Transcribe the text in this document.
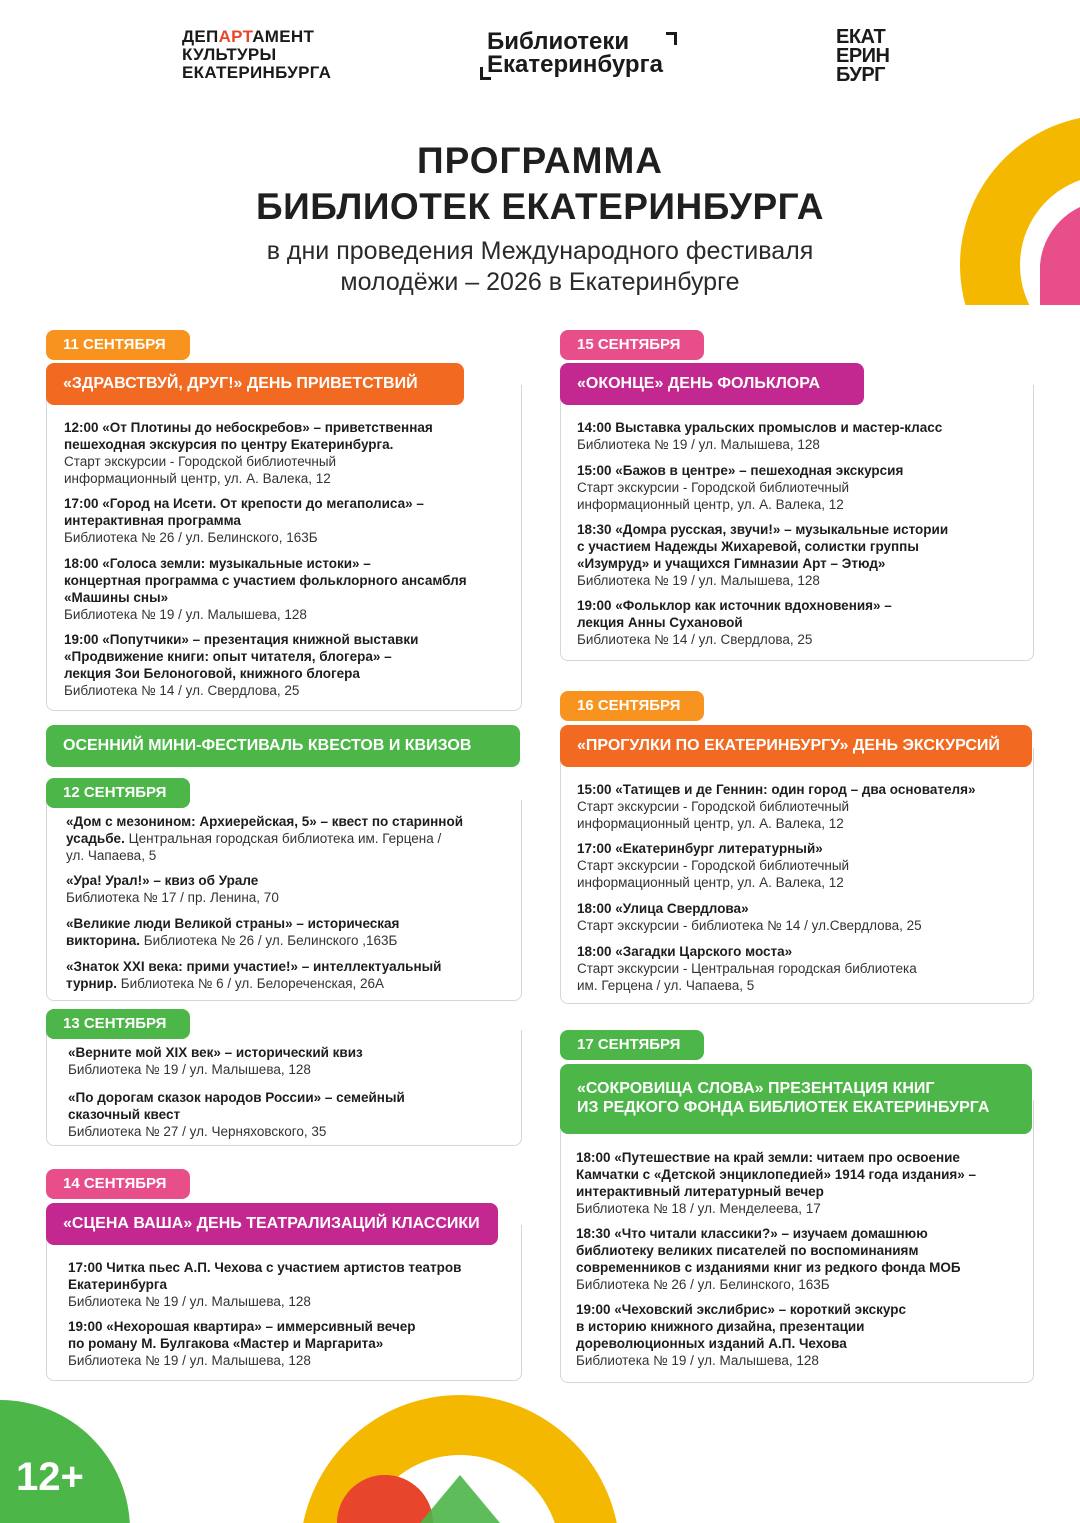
12+
ДЕПАРТАМЕНТ
КУЛЬТУРЫ
ЕКАТЕРИНБУРГА
Библиотеки
Екатеринбурга
ЕКАТ
ЕРИН
БУРГ
ПРОГРАММА
БИБЛИОТЕК ЕКАТЕРИНБУРГА
в дни проведения Международного фестиваля
молодёжи – 2026 в Екатеринбурге
11 СЕНТЯБРЯ
«ЗДРАВСТВУЙ, ДРУГ!» ДЕНЬ ПРИВЕТСТВИЙ
12:00 «От Плотины до небоскребов» – приветственная
пешеходная экскурсия по центру Екатеринбурга.
Старт экскурсии - Городской библиотечный
информационный центр, ул. А. Валека, 12
17:00 «Город на Исети. От крепости до мегаполиса» –
интерактивная программа
Библиотека № 26 / ул. Белинского, 163Б
18:00 «Голоса земли: музыкальные истоки» –
концертная программа с участием фольклорного ансамбля
«Машины сны»
Библиотека № 19 / ул. Малышева, 128
19:00 «Попутчики» – презентация книжной выставки
«Продвижение книги: опыт читателя, блогера» –
лекция Зои Белоноговой, книжного блогера
Библиотека № 14 / ул. Свердлова, 25
ОСЕННИЙ МИНИ-ФЕСТИВАЛЬ КВЕСТОВ И КВИЗОВ
12 СЕНТЯБРЯ
«Дом с мезонином: Архиерейская, 5» – квест по старинной
усадьбе. Центральная городская библиотека им. Герцена /
ул. Чапаева, 5
«Ура! Урал!» – квиз об Урале
Библиотека № 17 / пр. Ленина, 70
«Великие люди Великой страны» – историческая
викторина. Библиотека № 26 / ул. Белинского ,163Б
«Знаток XXI века: прими участие!» – интеллектуальный
турнир. Библиотека № 6 / ул. Белореченская, 26А
13 СЕНТЯБРЯ
«Верните мой XIX век» – исторический квиз
Библиотека № 19 / ул. Малышева, 128
«По дорогам сказок народов России» – семейный
сказочный квест
Библиотека № 27 / ул. Черняховского, 35
14 СЕНТЯБРЯ
«СЦЕНА ВАША» ДЕНЬ ТЕАТРАЛИЗАЦИЙ КЛАССИКИ
17:00 Читка пьес А.П. Чехова с участием артистов театров
Екатеринбурга
Библиотека № 19 / ул. Малышева, 128
19:00 «Нехорошая квартира» – иммерсивный вечер
по роману М. Булгакова «Мастер и Маргарита»
Библиотека № 19 / ул. Малышева, 128
15 СЕНТЯБРЯ
«ОКОНЦЕ» ДЕНЬ ФОЛЬКЛОРА
14:00 Выставка уральских промыслов и мастер-класс
Библиотека № 19 / ул. Малышева, 128
15:00 «Бажов в центре» – пешеходная экскурсия
Старт экскурсии - Городской библиотечный
информационный центр, ул. А. Валека, 12
18:30 «Домра русская, звучи!» – музыкальные истории
с участием Надежды Жихаревой, солистки группы
«Изумруд» и учащихся Гимназии Арт – Этюд»
Библиотека № 19 / ул. Малышева, 128
19:00 «Фольклор как источник вдохновения» –
лекция Анны Сухановой
Библиотека № 14 / ул. Свердлова, 25
16 СЕНТЯБРЯ
«ПРОГУЛКИ ПО ЕКАТЕРИНБУРГУ» ДЕНЬ ЭКСКУРСИЙ
15:00 «Татищев и де Геннин: один город – два основателя»
Старт экскурсии - Городской библиотечный
информационный центр, ул. А. Валека, 12
17:00 «Екатеринбург литературный»
Старт экскурсии - Городской библиотечный
информационный центр, ул. А. Валека, 12
18:00 «Улица Свердлова»
Старт экскурсии - библиотека № 14 / ул.Свердлова, 25
18:00 «Загадки Царского моста»
Старт экскурсии - Центральная городская библиотека
им. Герцена / ул. Чапаева, 5
17 СЕНТЯБРЯ
«СОКРОВИЩА СЛОВА» ПРЕЗЕНТАЦИЯ КНИГ
ИЗ РЕДКОГО ФОНДА БИБЛИОТЕК ЕКАТЕРИНБУРГА
18:00 «Путешествие на край земли: читаем про освоение
Камчатки с «Детской энциклопедией» 1914 года издания» –
интерактивный литературный вечер
Библиотека № 18 / ул. Менделеева, 17
18:30 «Что читали классики?» – изучаем домашнюю
библиотеку великих писателей по воспоминаниям
современников с изданиями книг из редкого фонда МОБ
Библиотека № 26 / ул. Белинского, 163Б
19:00 «Чеховский экслибрис» – короткий экскурс
в историю книжного дизайна, презентации
дореволюционных изданий А.П. Чехова
Библиотека № 19 / ул. Малышева, 128
